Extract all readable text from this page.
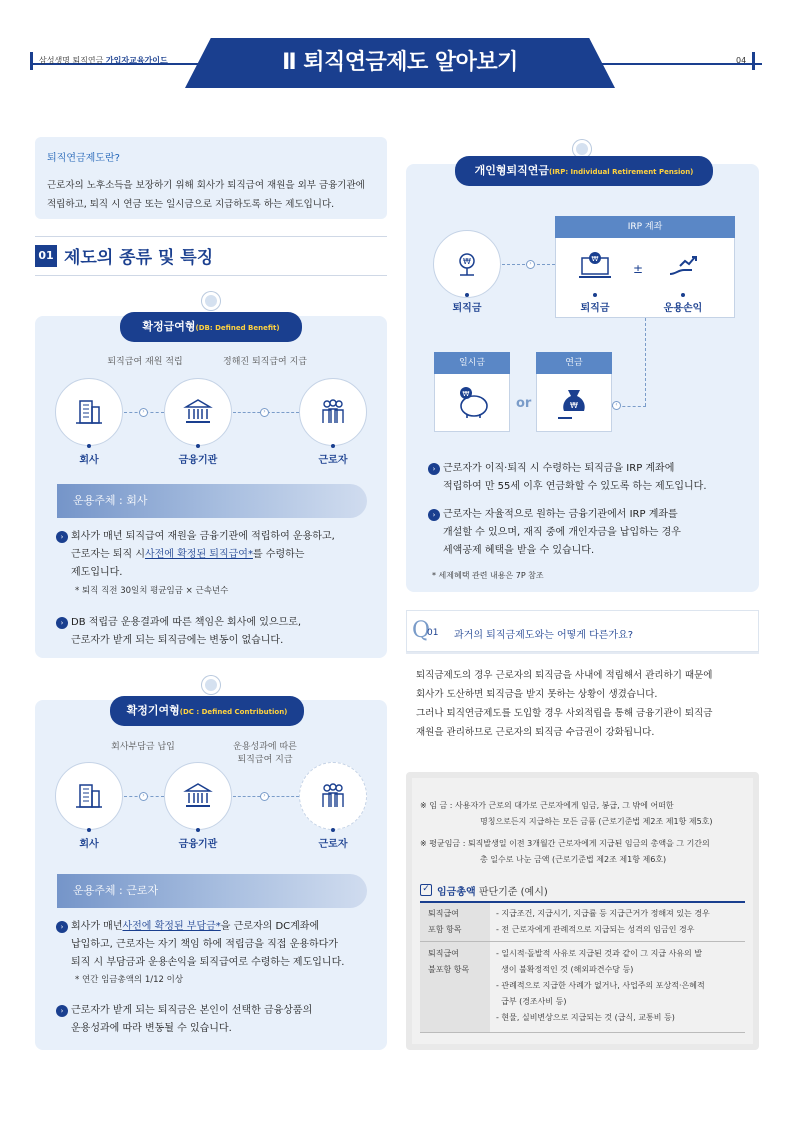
삼성생명 퇴직연금 가입자교육가이드	Ⅱ 퇴직연금제도 알아보기	04
퇴직연금제도란?
근로자의 노후소득을 보장하기 위해 회사가 퇴직급여 재원을 외부 금융기관에
적립하고, 퇴직 시 연금 또는 일시금으로 지급하도록 하는 제도입니다.
01 제도의 종류 및 특징
확정급여형(DB: Defined Benefit)
퇴직급여 재원 적립	정해진 퇴직급여 지급
›	›
회사	금융기관	근로자
운용주체 : 회사
› 회사가 매년 퇴직급여 재원을 금융기관에 적립하여 운용하고,
근로자는 퇴직 시 사전에 확정된 퇴직급여* 를 수령하는
제도입니다.
* 퇴직 직전 30일치 평균임금 × 근속년수
› DB 적립금 운용결과에 따른 책임은 회사에 있으므로,
근로자가 받게 되는 퇴직금에는 변동이 없습니다.
확정기여형(DC : Defined Contribution)
회사부담금 납입	운용성과에 따른
퇴직급여 지급
›	›
회사	금융기관	근로자
운용주체 : 근로자
› 회사가 매년 사전에 확정된 부담금* 을 근로자의 DC계좌에
납입하고, 근로자는 자기 책임 하에 적립금을 직접 운용하다가
퇴직 시 부담금과 운용손익을 퇴직급여로 수령하는 제도입니다.
* 연간 임금총액의 1/12 이상
› 근로자가 받게 되는 퇴직금은 본인이 선택한 금융상품의
운용성과에 따라 변동될 수 있습니다.
개인형퇴직연금(IRP: Individual Retirement Pension)
IRP 계좌
₩	›
₩
±
퇴직금	퇴직금	운용손익
‹
일시금
₩
or
연금
₩
› 근로자가 이직·퇴직 시 수령하는 퇴직금을 IRP 계좌에
적립하여 만 55세 이후 연금화할 수 있도록 하는 제도입니다.
› 근로자는 자율적으로 원하는 금융기관에서 IRP 계좌를
개설할 수 있으며, 재직 중에 개인자금을 납입하는 경우
세액공제 혜택을 받을 수 있습니다.
* 세제혜택 관련 내용은 7P 참조
Q
01 과거의 퇴직금제도와는 어떻게 다른가요?
퇴직금제도의 경우 근로자의 퇴직금을 사내에 적립해서 관리하기 때문에
회사가 도산하면 퇴직금을 받지 못하는 상황이 생겼습니다.
그러나 퇴직연금제도를 도입할 경우 사외적립을 통해 금융기관이 퇴직금
재원을 관리하므로 근로자의 퇴직금 수급권이 강화됩니다.
※ 임 금 : 사용자가 근로의 대가로 근로자에게 임금, 봉급, 그 밖에 어떠한
명칭으로든지 지급하는 모든 금품 (근로기준법 제2조 제1항 제5호)
※ 평균임금 : 퇴직발생일 이전 3개월간 근로자에게 지급된 임금의 총액을 그 기간의
총 일수로 나눈 금액 (근로기준법 제2조 제1항 제6호)
✓ 임금총액 판단기준 (예시)
퇴직급여
포함 항목
- 지급조건, 지급시기, 지급률 등 지급근거가 정해져 있는 경우
- 전 근로자에게 관례적으로 지급되는 성격의 임금인 경우
퇴직급여
불포함 항목
- 일시적·돌발적 사유로 지급된 것과 같이 그 지급 사유의 발
생이 불확정적인 것 (해외파견수당 등)
- 관례적으로 지급한 사례가 없거나, 사업주의 포상적·은혜적
급부 (경조사비 등)
- 현물, 실비변상으로 지급되는 것 (급식, 교통비 등)
